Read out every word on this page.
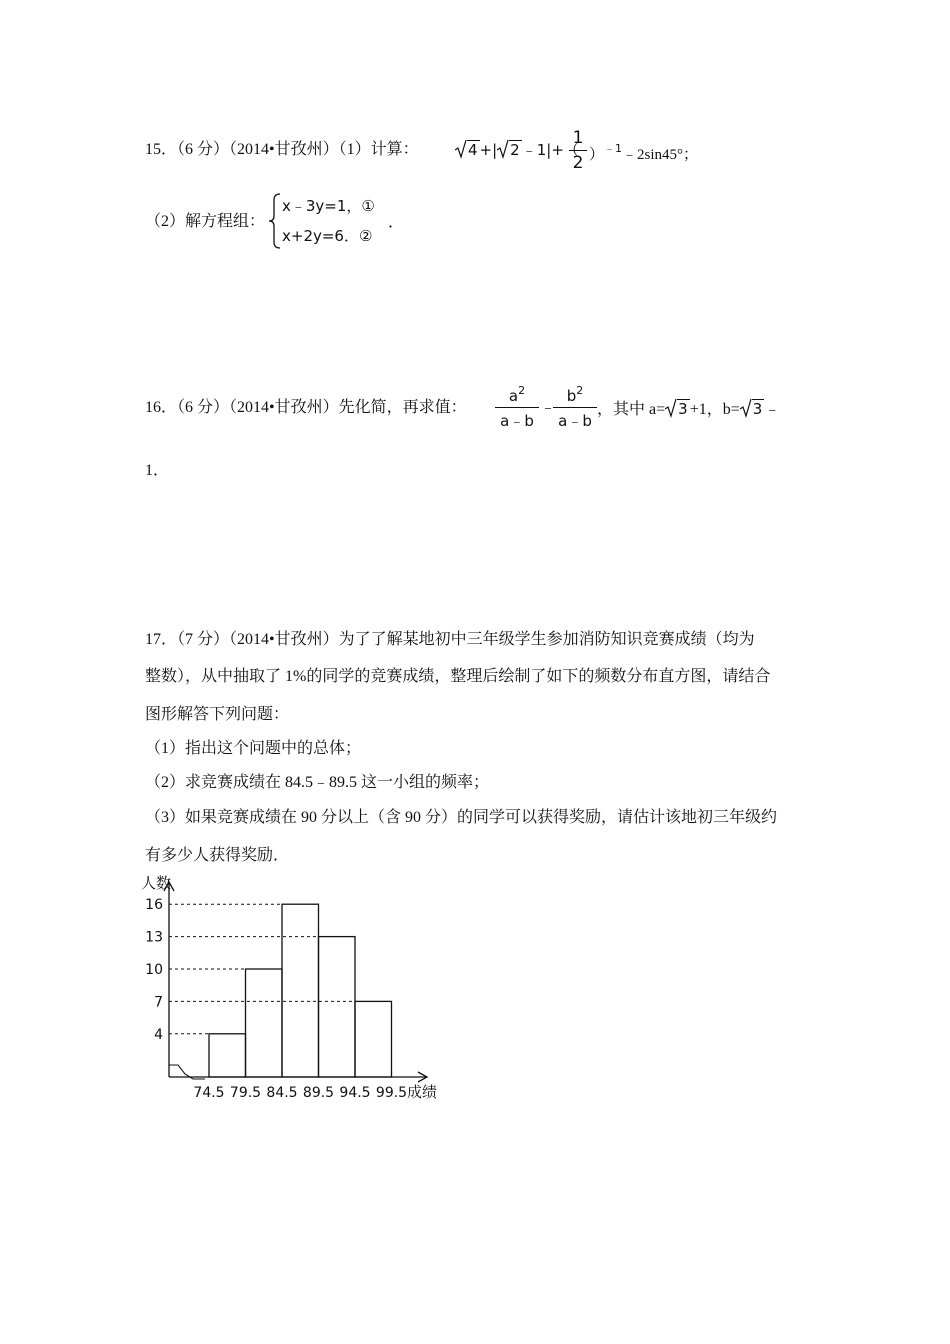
15．（6 分）（2014•甘孜州）（1）计算：	4 +| 2 ﹣1|+（
$\frac{1}{2}$ ）$^{﹣1}$﹣2sin45°；
（2）解方程组：
x﹣3y=1，①
x+2y=6．②
．
16．（6 分）（2014•甘孜州）先化简，再求值： $\frac{a^2}{a﹣b}$ ﹣
$\frac{b^2}{a﹣b}$ ，其中 a= 3 +1，b= 3 ﹣
1．
17．（7 分）（2014•甘孜州）为了了解某地初中三年级学生参加消防知识竞赛成绩（均为
整数），从中抽取了 1%的同学的竞赛成绩，整理后绘制了如下的频数分布直方图，请结合
图形解答下列问题：
（1）指出这个问题中的总体；
（2）求竞赛成绩在 84.5﹣89.5 这一小组的频率；
（3）如果竞赛成绩在 90 分以上（含 90 分）的同学可以获得奖励，请估计该地初三年级约
有多少人获得奖励．
人数
成绩
4
7
10
13
16
74.5 79.5 84.5 89.5 94.5 99.5
